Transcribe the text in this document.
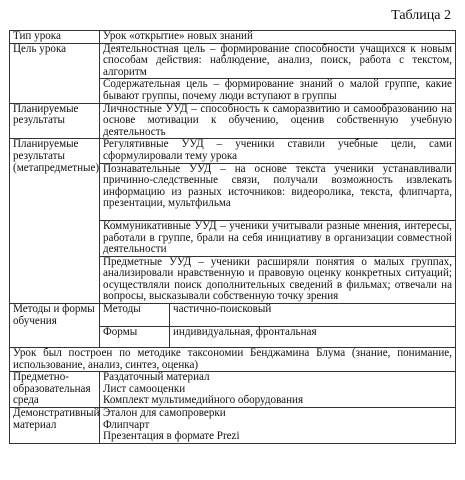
Таблица 2
Тип урока	Урок «открытие» новых знаний	
Цель урока	Деятельностная цель – формирование способности учащихся к новым способам действия: наблюдение, анализ, поиск, работа с текстом, алгоритм	
	Содержательная цель – формирование знаний о малой группе, какие бывают группы, почему люди вступают в группы	
Планируемые результаты	Личностные УУД – способность к саморазвитию и самообразованию на основе мотивации к обучению, оценив собственную учебную деятельность	
Планируемые результаты (метапредметные)	Регулятивные УУД – ученики ставили учебные цели, сами сформулировали тему урока	
	Познавательные УУД – на основе текста ученики устанавливали причинно-следственные связи, получали возможность извлекать информацию из разных источников: видеоролика, текста, флипчарта, презентации, мультфильма	
	Коммуникативные УУД – ученики учитывали разные мнения, интересы, работали в группе, брали на себя инициативу в организации совместной деятельности	
	Предметные УУД – ученики расширяли понятия о малых группах, анализировали нравственную и правовую оценку конкретных ситуаций; осуществляли поиск дополнительных сведений в фильмах; отвечали на вопросы, высказывали собственную точку зрения	
Методы и формы обучения	Методы	частично-поисковый
	Формы	индивидуальная, фронтальная
Урок был построен по методике таксономии Бенджамина Блума (знание, понимание, использование, анализ, синтез, оценка)		
Предметно-образовательная среда	Раздаточный материал
Лист самооценки
Комплект мультимедийного оборудования	

Демонстративный материал	Эталон для самопроверки
Флипчарт
Презентация в формате Prezi	
